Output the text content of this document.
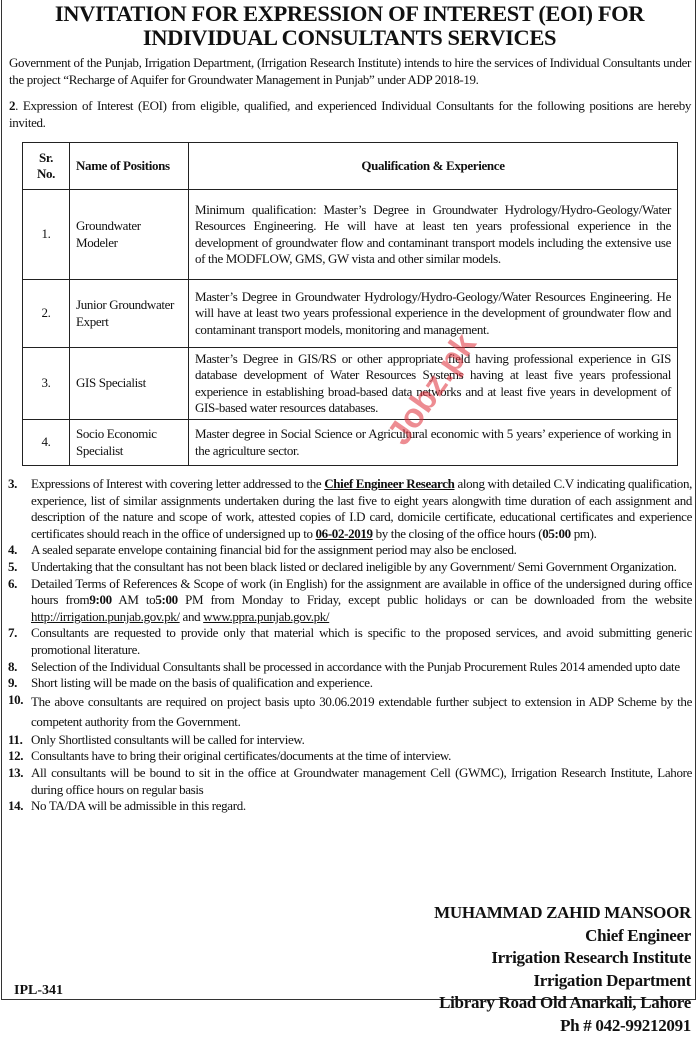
INVITATION FOR EXPRESSION OF INTEREST (EOI) FOR INDIVIDUAL CONSULTANTS SERVICES
Government of the Punjab, Irrigation Department, (Irrigation Research Institute) intends to hire the services of Individual Consultants under the project “Recharge of Aquifer for Groundwater Management in Punjab” under ADP 2018-19.
2. Expression of Interest (EOI) from eligible, qualified, and experienced Individual Consultants for the following positions are hereby invited.
Sr. No.	Name of Positions	Qualification & Experience
1.	Groundwater Modeler	Minimum qualification: Master’s Degree in Groundwater Hydrology/Hydro-Geology/Water Resources Engineering. He will have at least ten years professional experience in the development of groundwater flow and contaminant transport models including the extensive use of the MODFLOW, GMS, GW vista and other similar models.
2.	Junior Groundwater Expert	Master’s Degree in Groundwater Hydrology/Hydro-Geology/Water Resources Engineering. He will have at least two years professional experience in the development of groundwater flow and contaminant transport models, monitoring and management.
3.	GIS Specialist	Master’s Degree in GIS/RS or other appropriate field having professional experience in GIS database development of Water Resources Systems having at least five years professional experience in establishing broad-based data networks and at least five years in development of GIS-based water resources databases.
4.	Socio Economic Specialist	Master degree in Social Science or Agricultural economic with 5 years’ experience of working in the agriculture sector.
3.	Expressions of Interest with covering letter addressed to the Chief Engineer Research along with detailed C.V indicating qualification, experience, list of similar assignments undertaken during the last five to eight years alongwith time duration of each assignment and description of the nature and scope of work, attested copies of I.D card, domicile certificate, educational certificates and experience certificates should reach in the office of undersigned up to 06-02-2019 by the closing of the office hours (05:00 pm).
4.	A sealed separate envelope containing financial bid for the assignment period may also be enclosed.
5.	Undertaking that the consultant has not been black listed or declared ineligible by any Government/ Semi Government Organization.
6.	Detailed Terms of References & Scope of work (in English) for the assignment are available in office of the undersigned during office hours from9:00 AM to5:00 PM from Monday to Friday, except public holidays or can be downloaded from the website http://irrigation.punjab.gov.pk/ and www.ppra.punjab.gov.pk/
7.	Consultants are requested to provide only that material which is specific to the proposed services, and avoid submitting generic promotional literature.
8.	Selection of the Individual Consultants shall be processed in accordance with the Punjab Procurement Rules 2014 amended upto date
9.	Short listing will be made on the basis of qualification and experience.
10. The above consultants are required on project basis upto 30.06.2019 extendable further subject to extension in ADP Scheme by the competent authority from the Government.
11. Only Shortlisted consultants will be called for interview.
12. Consultants have to bring their original certificates/documents at the time of interview.
13. All consultants will be bound to sit in the office at Groundwater management Cell (GWMC), Irrigation Research Institute, Lahore during office hours on regular basis
14. No TA/DA will be admissible in this regard.
MUHAMMAD ZAHID MANSOOR
Chief Engineer
Irrigation Research Institute
Irrigation Department
Library Road Old Anarkali, Lahore
Ph # 042-99212091
IPL-341
Jobz.pk
